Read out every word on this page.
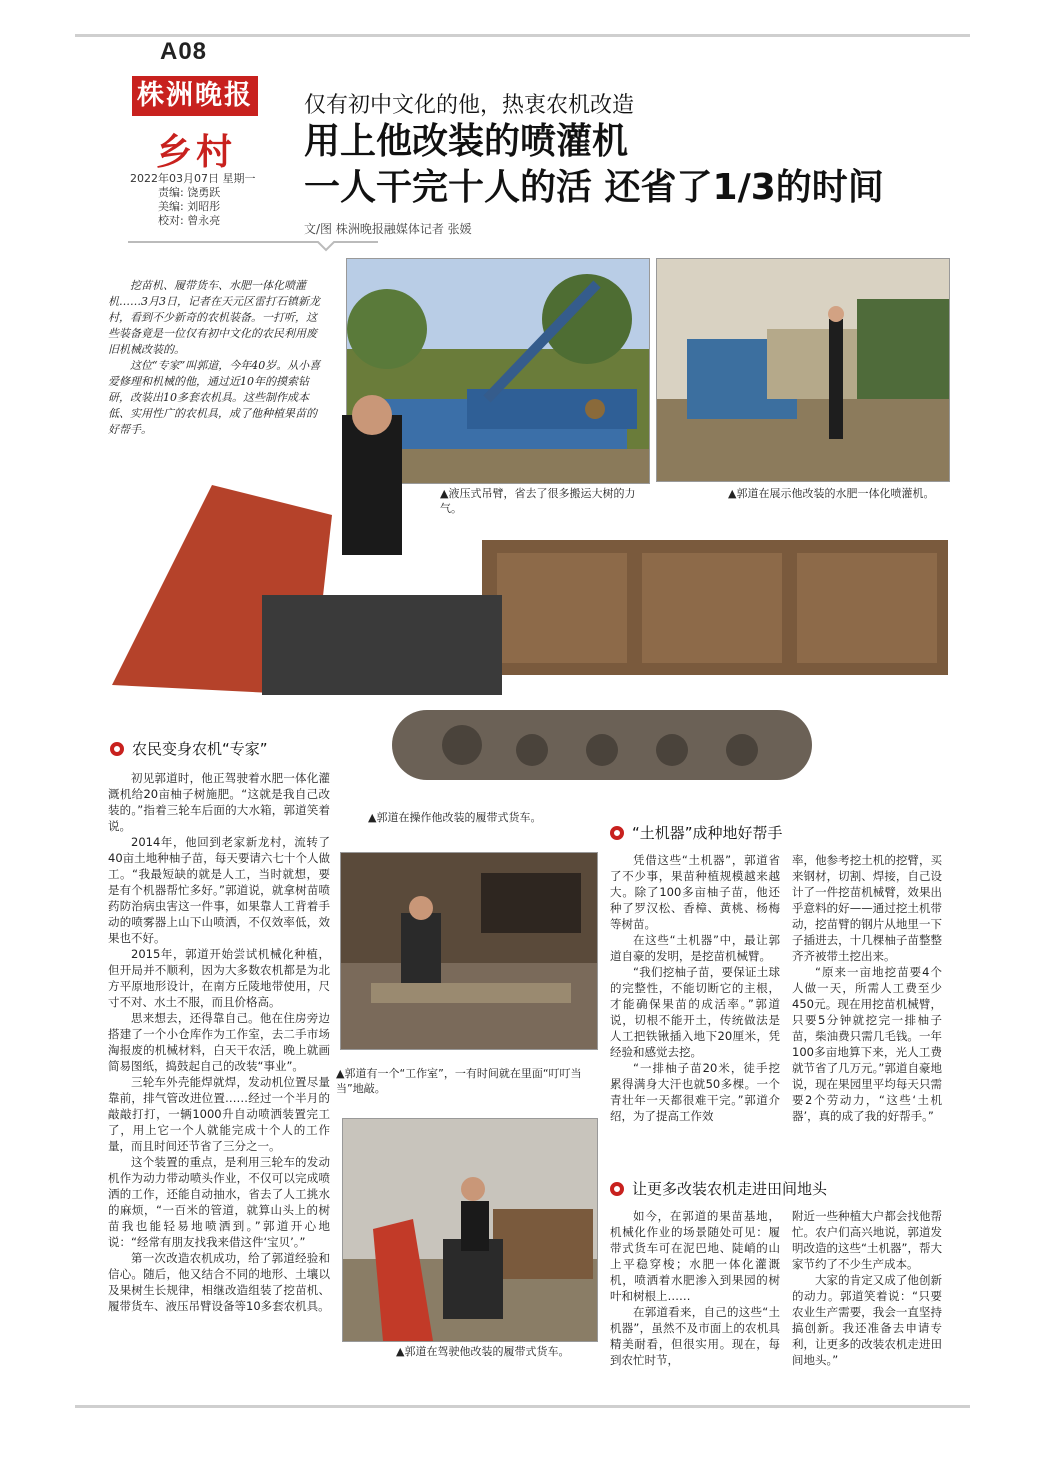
A08
株洲晚报
乡村
2022年03月07日 星期一
责编: 饶勇跃
美编: 刘昭彤
校对: 曾永亮
仅有初中文化的他，热衷农机改造
用上他改装的喷灌机
一人干完十人的活 还省了1/3的时间
文/图 株洲晚报融媒体记者 张媛

挖苗机、履带货车、水肥一体化喷灌机……3月3日，记者在天元区雷打石镇新龙村，看到不少新奇的农机装备。一打听，这些装备竟是一位仅有初中文化的农民利用废旧机械改装的。

这位“专家”叫郭道，今年40岁。从小喜爱修理和机械的他，通过近10年的摸索钻研，改装出10多套农机具。这些制作成本低、实用性广的农机具，成了他种植果苗的好帮手。

▲液压式吊臂，省去了很多搬运大树的力气。
▲郭道在展示他改装的水肥一体化喷灌机。
▲郭道在操作他改装的履带式货车。
农民变身农机“专家”

初见郭道时，他正驾驶着水肥一体化灌溉机给20亩柚子树施肥。“这就是我自己改装的。”指着三轮车后面的大水箱，郭道笑着说。

2014年，他回到老家新龙村，流转了40亩土地种柚子苗，每天要请六七十个人做工。“我最短缺的就是人工，当时就想，要是有个机器帮忙多好。”郭道说，就拿树苗喷药防治病虫害这一件事，如果靠人工背着手动的喷雾器上山下山喷洒，不仅效率低，效果也不好。

2015年，郭道开始尝试机械化种植，但开局并不顺利，因为大多数农机都是为北方平原地形设计，在南方丘陵地带使用，尺寸不对、水土不服，而且价格高。

思来想去，还得靠自己。他在住房旁边搭建了一个小仓库作为工作室，去二手市场淘报废的机械材料，白天干农活，晚上就画简易图纸，捣鼓起自己的改装“事业”。

三轮车外壳能焊就焊，发动机位置尽量靠前，排气管改进位置……经过一个半月的敲敲打打，一辆1000升自动喷洒装置完工了，用上它一个人就能完成十个人的工作量，而且时间还节省了三分之一。

这个装置的重点，是利用三轮车的发动机作为动力带动喷头作业，不仅可以完成喷洒的工作，还能自动抽水，省去了人工挑水的麻烦，“一百米的管道，就算山头上的树苗我也能轻易地喷洒到。”郭道开心地说：“经常有朋友找我来借这件‘宝贝’。”

第一次改造农机成功，给了郭道经验和信心。随后，他又结合不同的地形、土壤以及果树生长规律，相继改造组装了挖苗机、履带货车、液压吊臂设备等10多套农机具。

▲郭道有一个“工作室”，一有时间就在里面“叮叮当当”地敲。
▲郭道在驾驶他改装的履带式货车。
“土机器”成种地好帮手

凭借这些“土机器”，郭道省了不少事，果苗种植规模越来越大。除了100多亩柚子苗，他还种了罗汉松、香樟、黄桃、杨梅等树苗。

在这些“土机器”中，最让郭道自豪的发明，是挖苗机械臂。

“我们挖柚子苗，要保证土球的完整性，不能切断它的主根，才能确保果苗的成活率。”郭道说，切根不能开土，传统做法是人工把铁锹插入地下20厘米，凭经验和感觉去挖。

“一排柚子苗20米，徒手挖累得满身大汗也就50多棵。一个青壮年一天都很难干完。”郭道介绍，为了提高工作效

率，他参考挖土机的挖臂，买来钢材，切割、焊接，自己设计了一件挖苗机械臂，效果出乎意料的好——通过挖土机带动，挖苗臂的钢片从地里一下子插进去，十几棵柚子苗整整齐齐被带土挖出来。

“原来一亩地挖苗要4个人做一天，所需人工费至少450元。现在用挖苗机械臂，只要5分钟就挖完一排柚子苗，柴油费只需几毛钱。一年100多亩地算下来，光人工费就节省了几万元。”郭道自豪地说，现在果园里平均每天只需要2个劳动力，“这些‘土机器’，真的成了我的好帮手。”

让更多改装农机走进田间地头

如今，在郭道的果苗基地，机械化作业的场景随处可见：履带式货车可在泥巴地、陡峭的山上平稳穿梭；水肥一体化灌溉机，喷洒着水肥渗入到果园的树叶和树根上……

在郭道看来，自己的这些“土机器”，虽然不及市面上的农机具精美耐看，但很实用。现在，每到农忙时节，

附近一些种植大户都会找他帮忙。农户们高兴地说，郭道发明改造的这些“土机器”，帮大家节约了不少生产成本。

大家的肯定又成了他创新的动力。郭道笑着说：“只要农业生产需要，我会一直坚持搞创新。我还准备去申请专利，让更多的改装农机走进田间地头。”
